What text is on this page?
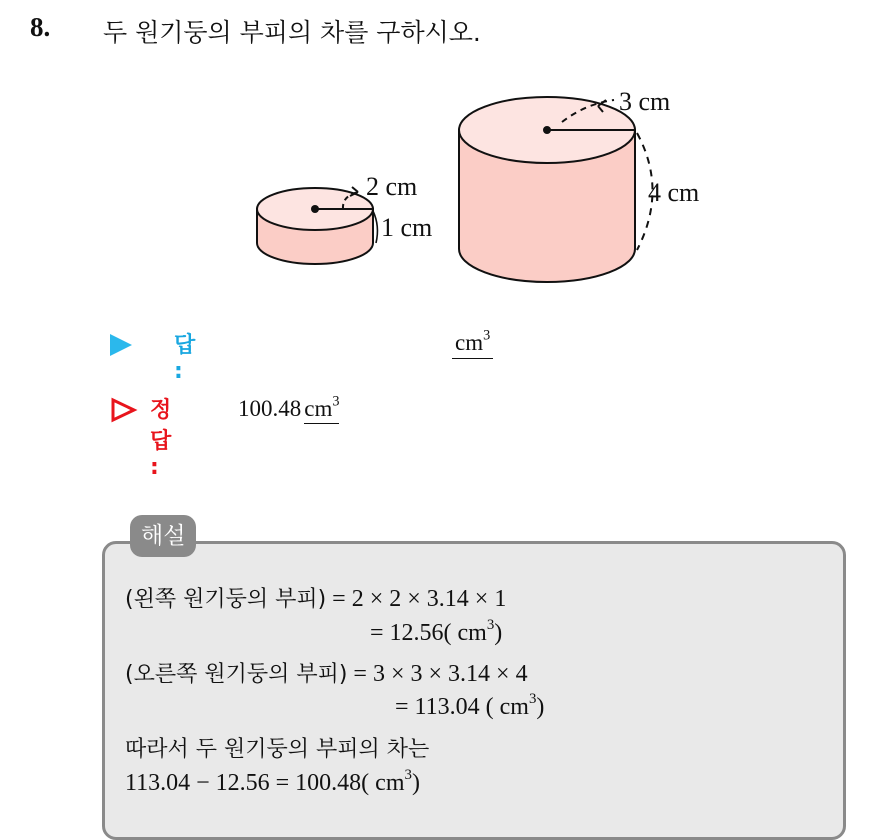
8. 두 원기둥의 부피의 차를 구하시오.
2 cm
1 cm
3 cm
4 cm
답 :
$cm^3$
정답 :
100.48 $cm^3$
해설
(왼쪽 원기둥의 부피) = 2 × 2 × 3.14 × 1
= 12.56( $cm^3$)
(오른쪽 원기둥의 부피) = 3 × 3 × 3.14 × 4
= 113.04 ( $cm^3$)
따라서 두 원기둥의 부피의 차는
113.04 − 12.56 = 100.48( $cm^3$)
